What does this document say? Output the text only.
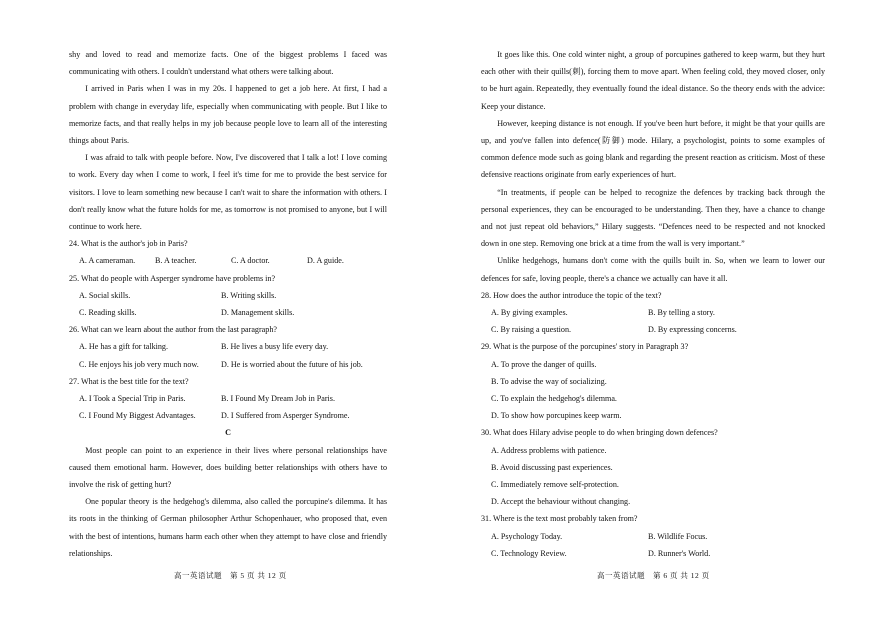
shy and loved to read and memorize facts. One of the biggest problems I faced was communicating with others. I couldn't understand what others were talking about.

I arrived in Paris when I was in my 20s. I happened to get a job here. At first, I had a problem with change in everyday life, especially when communicating with people. But I like to memorize facts, and that really helps in my job because people love to learn all of the interesting things about Paris.

I was afraid to talk with people before. Now, I've discovered that I talk a lot! I love coming to work. Every day when I come to work, I feel it's time for me to provide the best service for visitors. I love to learn something new because I can't wait to share the information with others. I don't really know what the future holds for me, as tomorrow is not promised to anyone, but I will continue to work here.

24. What is the author's job in Paris?

A. A cameraman.	B. A teacher.	C. A doctor.	D. A guide.

25. What do people with Asperger syndrome have problems in?

A. Social skills.	B. Writing skills.
C. Reading skills.	D. Management skills.

26. What can we learn about the author from the last paragraph?

A. He has a gift for talking.	B. He lives a busy life every day.
C. He enjoys his job very much now.	D. He is worried about the future of his job.

27. What is the best title for the text?

A. I Took a Special Trip in Paris.	B. I Found My Dream Job in Paris.
C. I Found My Biggest Advantages.	D. I Suffered from Asperger Syndrome.

C

Most people can point to an experience in their lives where personal relationships have caused them emotional harm. However, does building better relationships with others have to involve the risk of getting hurt?

One popular theory is the hedgehog's dilemma, also called the porcupine's dilemma. It has its roots in the thinking of German philosopher Arthur Schopenhauer, who proposed that, even with the best of intentions, humans harm each other when they attempt to have close and friendly relationships.

高一英语试题　第 5 页 共 12 页

It goes like this. One cold winter night, a group of porcupines gathered to keep warm, but they hurt each other with their quills(刺), forcing them to move apart. When feeling cold, they moved closer, only to be hurt again. Repeatedly, they eventually found the ideal distance. So the theory ends with the advice: Keep your distance.

However, keeping distance is not enough. If you've been hurt before, it might be that your quills are up, and you've fallen into defence(防御) mode. Hilary, a psychologist, points to some examples of common defence mode such as going blank and regarding the present reaction as criticism. Most of these defensive reactions originate from early experiences of hurt.

“In treatments, if people can be helped to recognize the defences by tracking back through the personal experiences, they can be encouraged to be understanding. Then they, have a chance to change and not just repeat old behaviors,” Hilary suggests. “Defences need to be respected and not knocked down in one step. Removing one brick at a time from the wall is very important.”

Unlike hedgehogs, humans don't come with the quills built in. So, when we learn to lower our defences for safe, loving people, there's a chance we actually can have it all.

28. How does the author introduce the topic of the text?

A. By giving examples.	B. By telling a story.
C. By raising a question.	D. By expressing concerns.

29. What is the purpose of the porcupines' story in Paragraph 3?

A. To prove the danger of quills.

B. To advise the way of socializing.

C. To explain the hedgehog's dilemma.

D. To show how porcupines keep warm.

30. What does Hilary advise people to do when bringing down defences?

A. Address problems with patience.

B. Avoid discussing past experiences.

C. Immediately remove self-protection.

D. Accept the behaviour without changing.

31. Where is the text most probably taken from?

A. Psychology Today.	B. Wildlife Focus.
C. Technology Review.	D. Runner's World.
高一英语试题　第 6 页 共 12 页
